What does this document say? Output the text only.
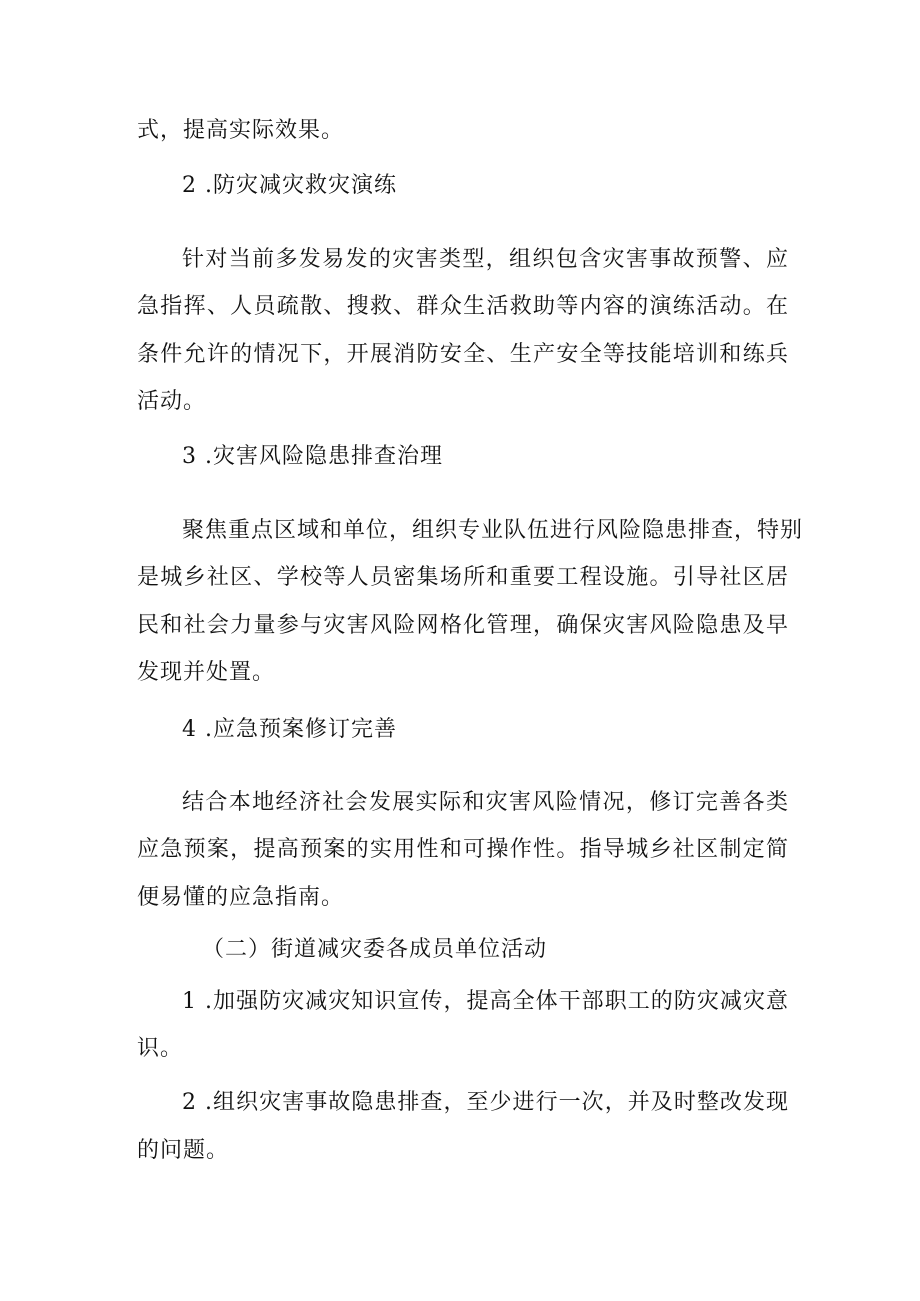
式，提高实际效果。
2 .防灾减灾救灾演练
针对当前多发易发的灾害类型，组织包含灾害事故预警、应
急指挥、人员疏散、搜救、群众生活救助等内容的演练活动。在
条件允许的情况下，开展消防安全、生产安全等技能培训和练兵
活动。
3 .灾害风险隐患排查治理
聚焦重点区域和单位，组织专业队伍进行风险隐患排查，特别
是城乡社区、学校等人员密集场所和重要工程设施。引导社区居
民和社会力量参与灾害风险网格化管理，确保灾害风险隐患及早
发现并处置。
4 .应急预案修订完善
结合本地经济社会发展实际和灾害风险情况，修订完善各类
应急预案，提高预案的实用性和可操作性。指导城乡社区制定简
便易懂的应急指南。
（二）街道减灾委各成员单位活动
1 .加强防灾减灾知识宣传，提高全体干部职工的防灾减灾意
识。
2 .组织灾害事故隐患排查，至少进行一次，并及时整改发现
的问题。
